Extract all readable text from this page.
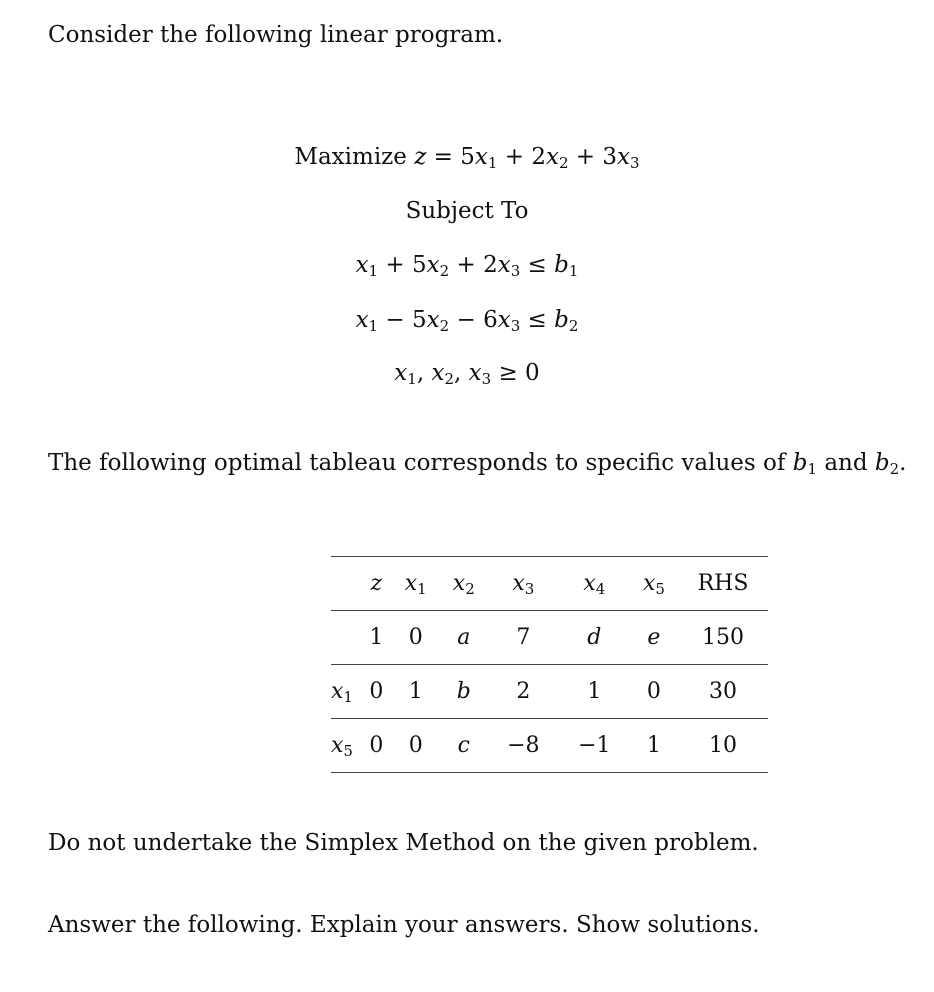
Consider the following linear program.
Maximize $z = 5x_1 + 2x_2 + 3x_3$
Subject To
$x_1 + 5x_2 + 2x_3 \le b_1$
$x_1 - 5x_2 - 6x_3 \le b_2$
$x_1$, $x_2$, $x_3 \ge 0$
The following optimal tableau corresponds to specific values of $b_1$ and $b_2$.
	z	$x_1$	$x_2$	$x_3$	$x_4$	$x_5$	RHS
	1	0	a	7	d	e	150
$x_1$	0	1	b	2	1	0	30
$x_5$	0	0	c	−8	−1	1	10
Do not undertake the Simplex Method on the given problem.
Answer the following. Explain your answers. Show solutions.
